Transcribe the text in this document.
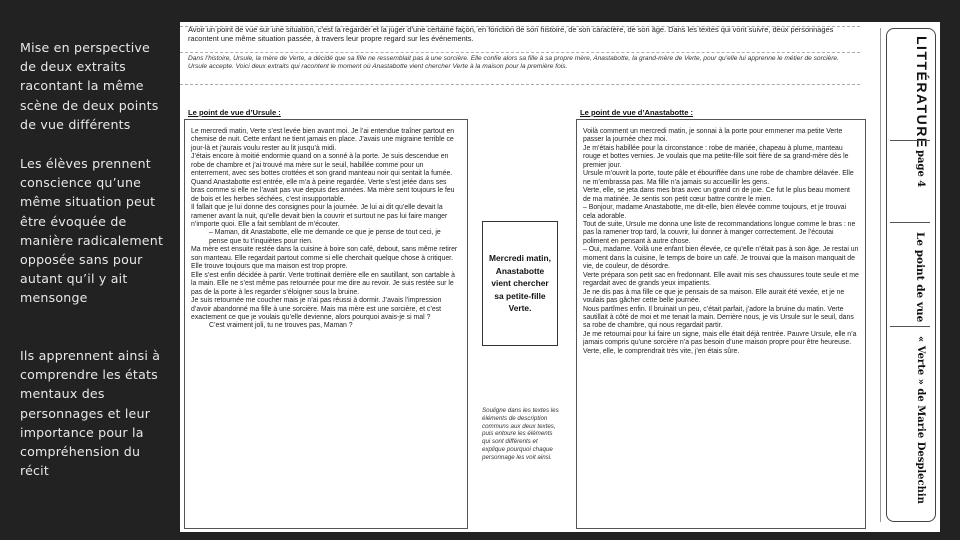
Mise en perspective de deux extraits racontant la même scène de deux points de vue différents
Les élèves prennent conscience qu’une même situation peut être évoquée de manière radicalement opposée sans pour autant qu’il y ait mensonge
Ils apprennent ainsi à comprendre les états mentaux des personnages et leur importance pour la compréhension du récit
Avoir un point de vue sur une situation, c’est la regarder et la juger d’une certaine façon, en fonction de son histoire, de son caractère, de son âge. Dans les textes qui vont suivre, deux personnages racontent une même situation passée, à travers leur propre regard sur les événements.
Dans l’histoire, Ursule, la mère de Verte, a décidé que sa fille ne ressemblait pas à une sorcière. Elle confie alors sa fille à sa propre mère, Anastabotte, la grand-mère de Verte, pour qu’elle lui apprenne le métier de sorcière. Ursule accepte. Voici deux extraits qui racontent le moment où Anastabotte vient chercher Verte à la maison pour la première fois.
Le point de vue d’Ursule :	Le point de vue d’Anastabotte :

Le mercredi matin, Verte s’est levée bien avant moi. Je l’ai entendue traîner partout en chemise de nuit. Cette enfant ne tient jamais en place. J’avais une migraine terrible ce jour-là et j’aurais voulu rester au lit jusqu’à midi.

J’étais encore à moitié endormie quand on a sonné à la porte. Je suis descendue en robe de chambre et j’ai trouvé ma mère sur le seuil, habillée comme pour un enterrement, avec ses bottes crottées et son grand manteau noir qui sentait la fumée.

Quand Anastabotte est entrée, elle m’a à peine regardée. Verte s’est jetée dans ses bras comme si elle ne l’avait pas vue depuis des années. Ma mère sent toujours le feu de bois et les herbes séchées, c’est insupportable.

Il fallait que je lui donne des consignes pour la journée. Je lui ai dit qu’elle devait la ramener avant la nuit, qu’elle devait bien la couvrir et surtout ne pas lui faire manger n’importe quoi. Elle a fait semblant de m’écouter.

– Maman, dit Anastabotte, elle me demande ce que je pense de tout ceci, je pense que tu t’inquiètes pour rien.

Ma mère est ensuite restée dans la cuisine à boire son café, debout, sans même retirer son manteau. Elle regardait partout comme si elle cherchait quelque chose à critiquer. Elle trouve toujours que ma maison est trop propre.

Elle s’est enfin décidée à partir. Verte trottinait derrière elle en sautillant, son cartable à la main. Elle ne s’est même pas retournée pour me dire au revoir. Je suis restée sur le pas de la porte à les regarder s’éloigner sous la bruine.

Je suis retournée me coucher mais je n’ai pas réussi à dormir. J’avais l’impression d’avoir abandonné ma fille à une sorcière. Mais ma mère est une sorcière, et c’est exactement ce que je voulais qu’elle devienne, alors pourquoi avais-je si mal ?

C’est vraiment joli, tu ne trouves pas, Maman ?

Mercredi matin, Anastabotte vient chercher sa petite-fille Verte.
Souligne dans les textes les éléments de description communs aux deux textes, puis entoure les éléments qui sont différents et explique pourquoi chaque personnage les voit ainsi.

Voilà comment un mercredi matin, je sonnai à la porte pour emmener ma petite Verte passer la journée chez moi.

Je m’étais habillée pour la circonstance : robe de mariée, chapeau à plume, manteau rouge et bottes vernies. Je voulais que ma petite-fille soit fière de sa grand-mère dès le premier jour.

Ursule m’ouvrit la porte, toute pâle et ébouriffée dans une robe de chambre délavée. Elle ne m’embrassa pas. Ma fille n’a jamais su accueillir les gens.

Verte, elle, se jeta dans mes bras avec un grand cri de joie. Ce fut le plus beau moment de ma matinée. Je sentis son petit cœur battre contre le mien.

– Bonjour, madame Anastabotte, me dit-elle, bien élevée comme toujours, et je trouvai cela adorable.

Tout de suite, Ursule me donna une liste de recommandations longue comme le bras : ne pas la ramener trop tard, la couvrir, lui donner à manger correctement. Je l’écoutai poliment en pensant à autre chose.

– Oui, madame. Voilà une enfant bien élevée, ce qu’elle n’était pas à son âge. Je restai un moment dans la cuisine, le temps de boire un café. Je trouvai que la maison manquait de vie, de couleur, de désordre.

Verte prépara son petit sac en fredonnant. Elle avait mis ses chaussures toute seule et me regardait avec de grands yeux impatients.

Je ne dis pas à ma fille ce que je pensais de sa maison. Elle aurait été vexée, et je ne voulais pas gâcher cette belle journée.

Nous partîmes enfin. Il bruinait un peu, c’était parfait, j’adore la bruine du matin. Verte sautillait à côté de moi et me tenait la main. Derrière nous, je vis Ursule sur le seuil, dans sa robe de chambre, qui nous regardait partir.

Je me retournai pour lui faire un signe, mais elle était déjà rentrée. Pauvre Ursule, elle n’a jamais compris qu’une sorcière n’a pas besoin d’une maison propre pour être heureuse. Verte, elle, le comprendrait très vite, j’en étais sûre.

LITTÉRATURE
page 4
Le point de vue
« Verte » de Marie Desplechin
